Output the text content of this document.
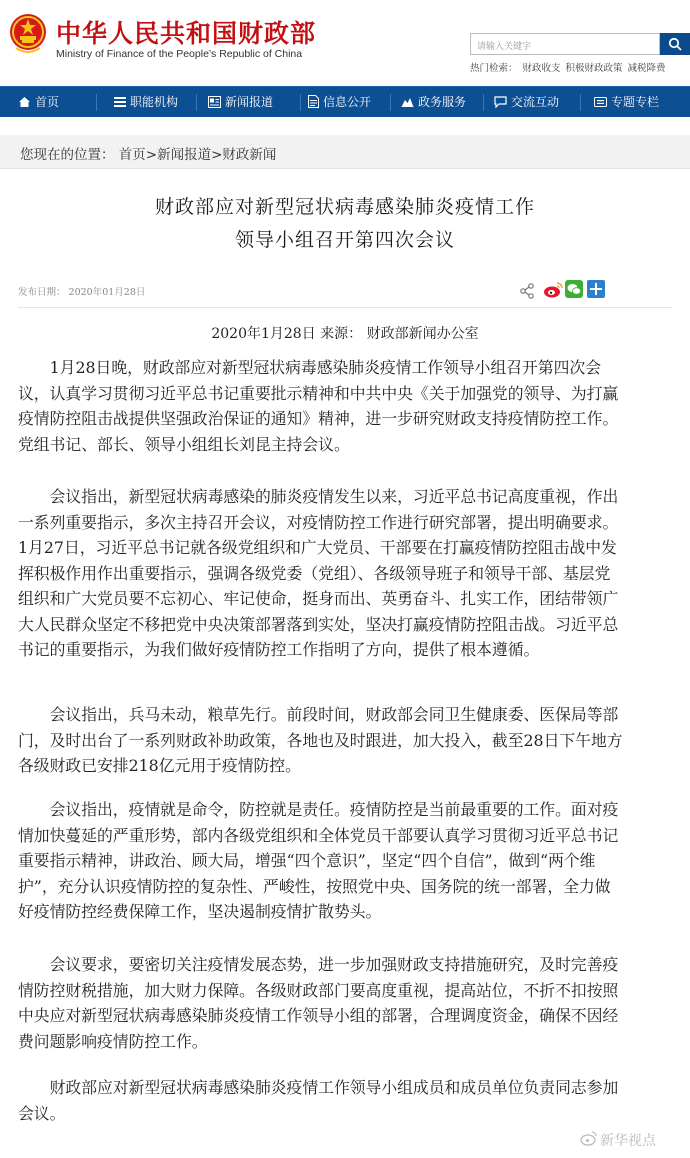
中华人民共和国财政部
Ministry of Finance of the People’s Republic of China
请输入关键字
热门检索： 财政收支 积极财政政策 减税降费
首页	职能机构	新闻报道	信息公开	政务服务	交流互动	专题专栏
您现在的位置： 首页>新闻报道>财政新闻
财政部应对新型冠状病毒感染肺炎疫情工作
领导小组召开第四次会议
发布日期： 2020年01月28日
2020年1月28日 来源： 财政部新闻办公室
　　1月28日晚，财政部应对新型冠状病毒感染肺炎疫情工作领导小组召开第四次会
议，认真学习贯彻习近平总书记重要批示精神和中共中央《关于加强党的领导、为打赢
疫情防控阻击战提供坚强政治保证的通知》精神，进一步研究财政支持疫情防控工作。
党组书记、部长、领导小组组长刘昆主持会议。
　　会议指出，新型冠状病毒感染的肺炎疫情发生以来，习近平总书记高度重视，作出
一系列重要指示，多次主持召开会议，对疫情防控工作进行研究部署，提出明确要求。
1月27日，习近平总书记就各级党组织和广大党员、干部要在打赢疫情防控阻击战中发
挥积极作用作出重要指示，强调各级党委（党组）、各级领导班子和领导干部、基层党
组织和广大党员要不忘初心、牢记使命，挺身而出、英勇奋斗、扎实工作，团结带领广
大人民群众坚定不移把党中央决策部署落到实处，坚决打赢疫情防控阻击战。习近平总
书记的重要指示，为我们做好疫情防控工作指明了方向，提供了根本遵循。
　　会议指出，兵马未动，粮草先行。前段时间，财政部会同卫生健康委、医保局等部
门，及时出台了一系列财政补助政策，各地也及时跟进，加大投入，截至28日下午地方
各级财政已安排218亿元用于疫情防控。
　　会议指出，疫情就是命令，防控就是责任。疫情防控是当前最重要的工作。面对疫
情加快蔓延的严重形势，部内各级党组织和全体党员干部要认真学习贯彻习近平总书记
重要指示精神，讲政治、顾大局，增强“四个意识”，坚定“四个自信”，做到“两个维
护”，充分认识疫情防控的复杂性、严峻性，按照党中央、国务院的统一部署，全力做
好疫情防控经费保障工作，坚决遏制疫情扩散势头。
　　会议要求，要密切关注疫情发展态势，进一步加强财政支持措施研究，及时完善疫
情防控财税措施，加大财力保障。各级财政部门要高度重视，提高站位，不折不扣按照
中央应对新型冠状病毒感染肺炎疫情工作领导小组的部署，合理调度资金，确保不因经
费问题影响疫情防控工作。
　　财政部应对新型冠状病毒感染肺炎疫情工作领导小组成员和成员单位负责同志参加
会议。
新华视点
